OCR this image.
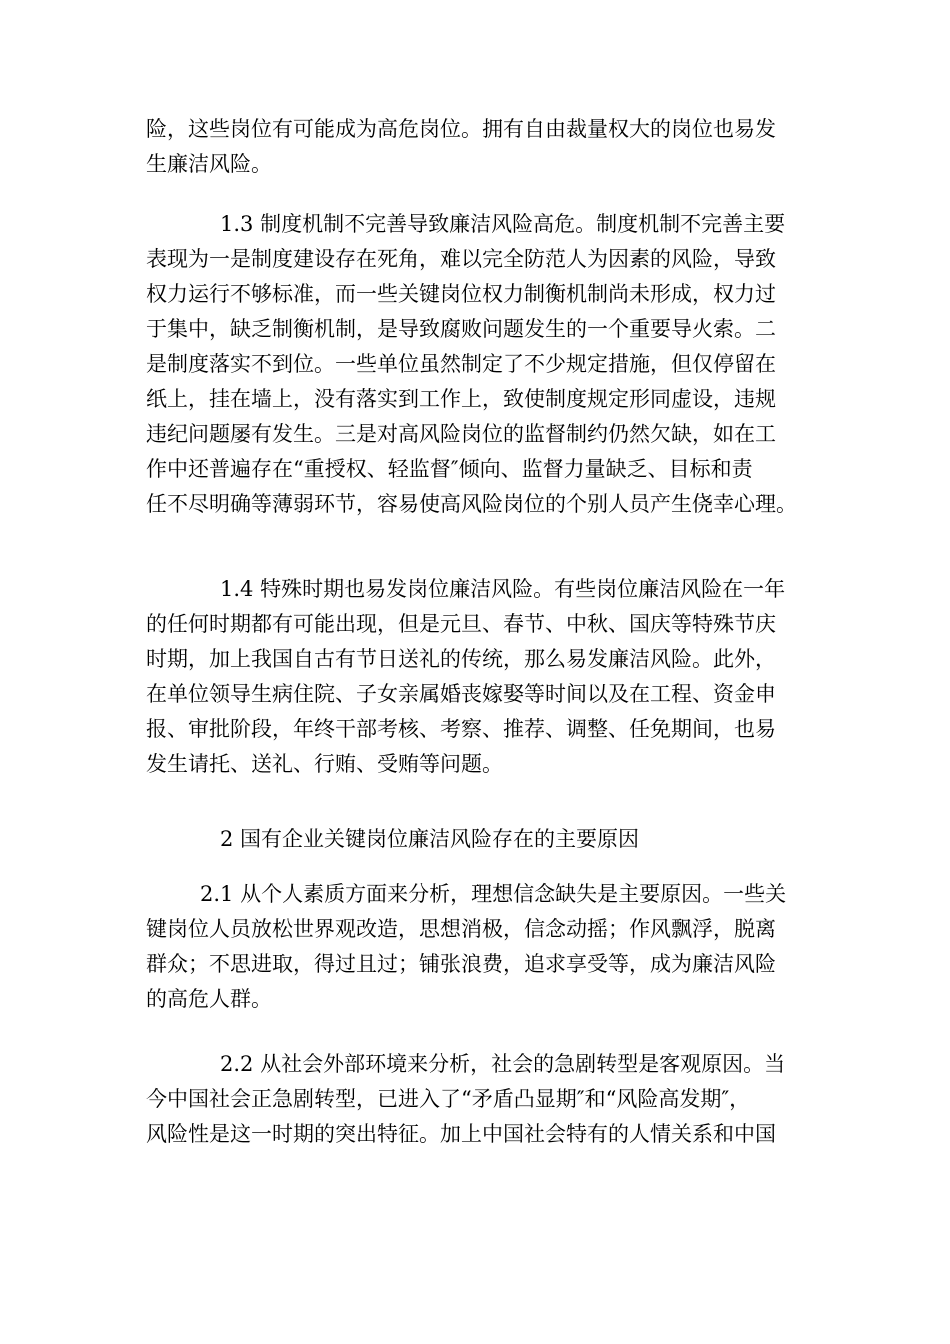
险，这些岗位有可能成为高危岗位。拥有自由裁量权大的岗位也易发
生廉洁风险。
1.3 制度机制不完善导致廉洁风险高危。制度机制不完善主要
表现为一是制度建设存在死角，难以完全防范人为因素的风险，导致
权力运行不够标准，而一些关键岗位权力制衡机制尚未形成，权力过
于集中，缺乏制衡机制，是导致腐败问题发生的一个重要导火索。二
是制度落实不到位。一些单位虽然制定了不少规定措施，但仅停留在
纸上，挂在墙上，没有落实到工作上，致使制度规定形同虚设，违规
违纪问题屡有发生。三是对高风险岗位的监督制约仍然欠缺，如在工
作中还普遍存在“重授权、轻监督″倾向、监督力量缺乏、目标和责
任不尽明确等薄弱环节，容易使高风险岗位的个别人员产生侥幸心理。
1.4 特殊时期也易发岗位廉洁风险。有些岗位廉洁风险在一年
的任何时期都有可能出现，但是元旦、春节、中秋、国庆等特殊节庆
时期，加上我国自古有节日送礼的传统，那么易发廉洁风险。此外，
在单位领导生病住院、子女亲属婚丧嫁娶等时间以及在工程、资金申
报、审批阶段，年终干部考核、考察、推荐、调整、任免期间，也易
发生请托、送礼、行贿、受贿等问题。
2 国有企业关键岗位廉洁风险存在的主要原因
2.1 从个人素质方面来分析，理想信念缺失是主要原因。一些关
键岗位人员放松世界观改造，思想消极，信念动摇；作风飘浮，脱离
群众；不思进取，得过且过；铺张浪费，追求享受等，成为廉洁风险
的高危人群。
2.2 从社会外部环境来分析，社会的急剧转型是客观原因。当
今中国社会正急剧转型，已进入了“矛盾凸显期″和“风险高发期″，
风险性是这一时期的突出特征。加上中国社会特有的人情关系和中国
